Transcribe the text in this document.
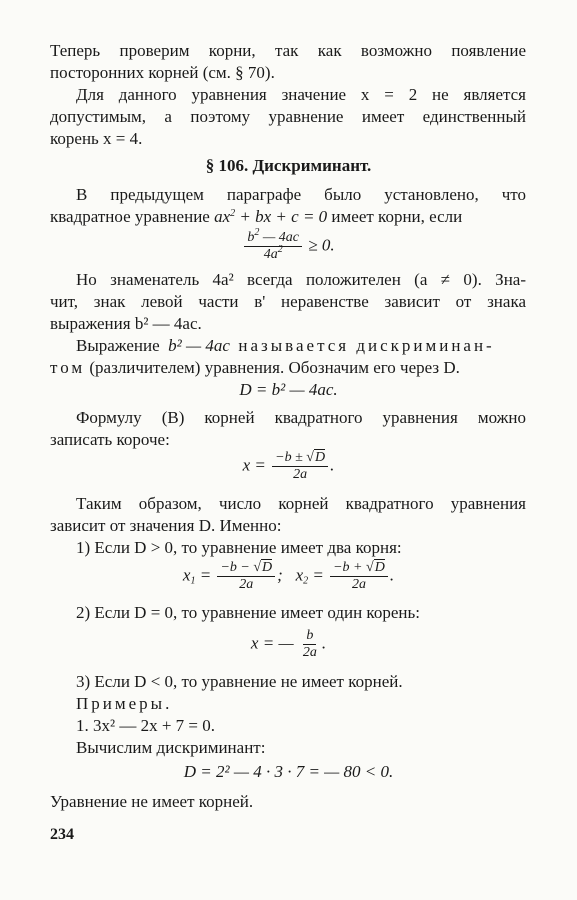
Теперь проверим корни, так как возможно появление
посторонних корней (см. § 70).
Для данного уравнения значение x = 2 не является
допустимым, а поэтому уравнение имеет единственный
корень x = 4.
§ 106. Дискриминант.
В предыдущем параграфе было установлено, что
квадратное уравнение $ax^2$ + bx + c = 0 имеет корни, если
$\frac{b^2 — 4ac}{4a^2} \ge 0$.
Но знаменатель 4a² всегда положителен (a ≠ 0). Зна-
чит, знак левой части в' неравенстве зависит от знака
выражения b² — 4ac.
Выражение b² — 4ac называется дискриминан-
том (различителем) уравнения. Обозначим его через D.
D = b² — 4ac.
Формулу (B) корней квадратного уравнения можно
записать короче:
$x = \frac{-b \pm √D}{2a}$ .
Таким образом, число корней квадратного уравнения
зависит от значения D. Именно:
1) Если D > 0, то уравнение имеет два корня:
$x_1 = \frac{-b - √D}{2a}$ ;   $x_2 = \frac{-b + √D}{2a}$ .
2) Если D = 0, то уравнение имеет один корень:
x = — $\frac{b}{2a}$ .
3) Если D < 0, то уравнение не имеет корней.
Примеры.
1. 3x² — 2x + 7 = 0.
Вычислим дискриминант:
D = 2² — 4 · 3 · 7 = — 80 < 0.
Уравнение не имеет корней.
234
